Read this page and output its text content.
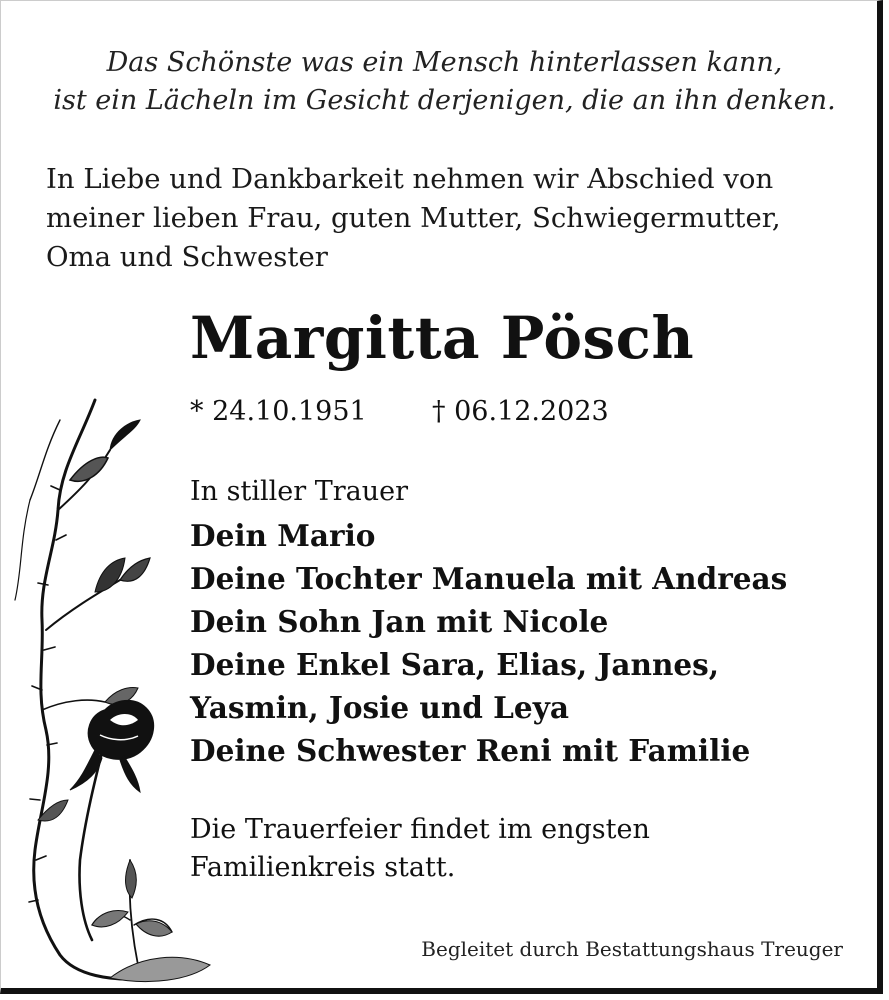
Das Schönste was ein Mensch hinterlassen kann,
ist ein Lächeln im Gesicht derjenigen, die an ihn denken.
In Liebe und Dankbarkeit nehmen wir Abschied von
meiner lieben Frau, guten Mutter, Schwiegermutter,
Oma und Schwester
Margitta Pösch
* 24.10.1951 † 06.12.2023
In stiller Trauer
Dein Mario
Deine Tochter Manuela mit Andreas
Dein Sohn Jan mit Nicole
Deine Enkel Sara, Elias, Jannes,
Yasmin, Josie und Leya
Deine Schwester Reni mit Familie
Die Trauerfeier findet im engsten
Familienkreis statt.
Begleitet durch Bestattungshaus Treuger
